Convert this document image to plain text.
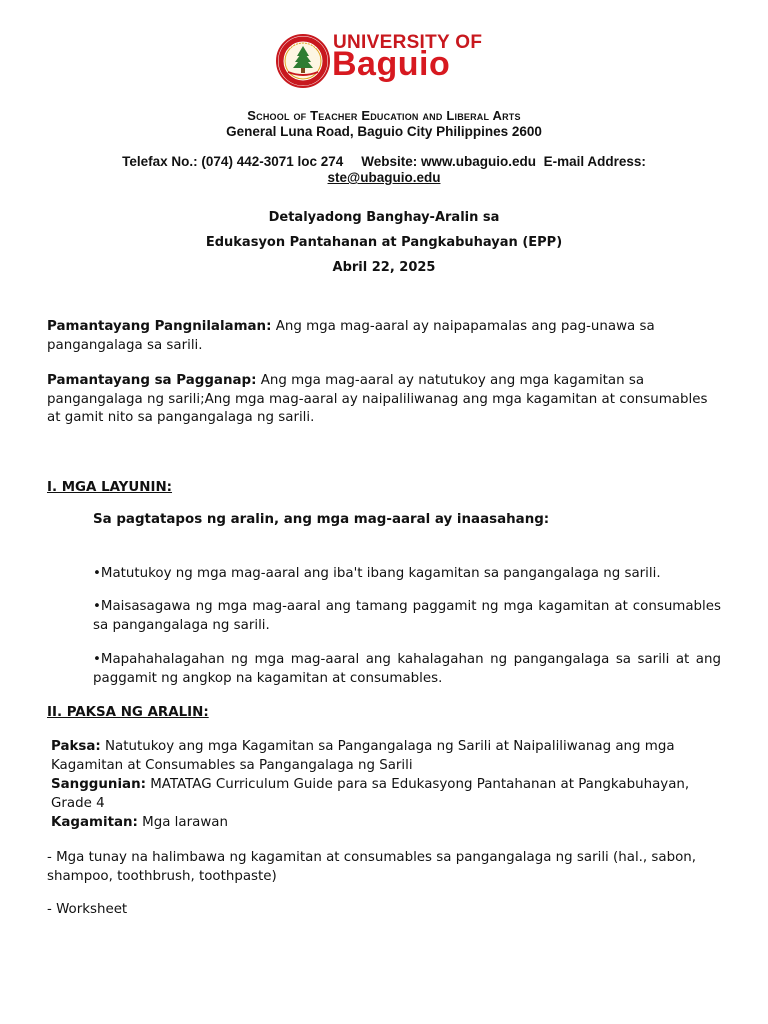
UNIVERSITY OF
Baguio
School of Teacher Education and Liberal Arts
General Luna Road, Baguio City Philippines 2600
Telefax No.: (074) 442-3071 loc 274 Website: www.ubaguio.edu E-mail Address:
ste@ubaguio.edu
Detalyadong Banghay-Aralin sa
Edukasyon Pantahanan at Pangkabuhayan (EPP)
Abril 22, 2025
Pamantayang Pangnilalaman: Ang mga mag-aaral ay naipapamalas ang pag-unawa sa pangangalaga sa sarili.
Pamantayang sa Pagganap: Ang mga mag-aaral ay natutukoy ang mga kagamitan sa pangangalaga ng sarili;Ang mga mag-aaral ay naipaliliwanag ang mga kagamitan at consumables at gamit nito sa pangangalaga ng sarili.
I. MGA LAYUNIN:
Sa pagtatapos ng aralin, ang mga mag-aaral ay inaasahang:
•Matutukoy ng mga mag-aaral ang iba't ibang kagamitan sa pangangalaga ng sarili.
•Maisasagawa ng mga mag-aaral ang tamang paggamit ng mga kagamitan at consumables sa pangangalaga ng sarili.
•Mapahahalagahan ng mga mag-aaral ang kahalagahan ng pangangalaga sa sarili at ang paggamit ng angkop na kagamitan at consumables.
II. PAKSA NG ARALIN:
Paksa: Natutukoy ang mga Kagamitan sa Pangangalaga ng Sarili at Naipaliliwanag ang mga Kagamitan at Consumables sa Pangangalaga ng Sarili
Sanggunian: MATATAG Curriculum Guide para sa Edukasyong Pantahanan at Pangkabuhayan, Grade 4
Kagamitan: Mga larawan
- Mga tunay na halimbawa ng kagamitan at consumables sa pangangalaga ng sarili (hal., sabon, shampoo, toothbrush, toothpaste)
- Worksheet
